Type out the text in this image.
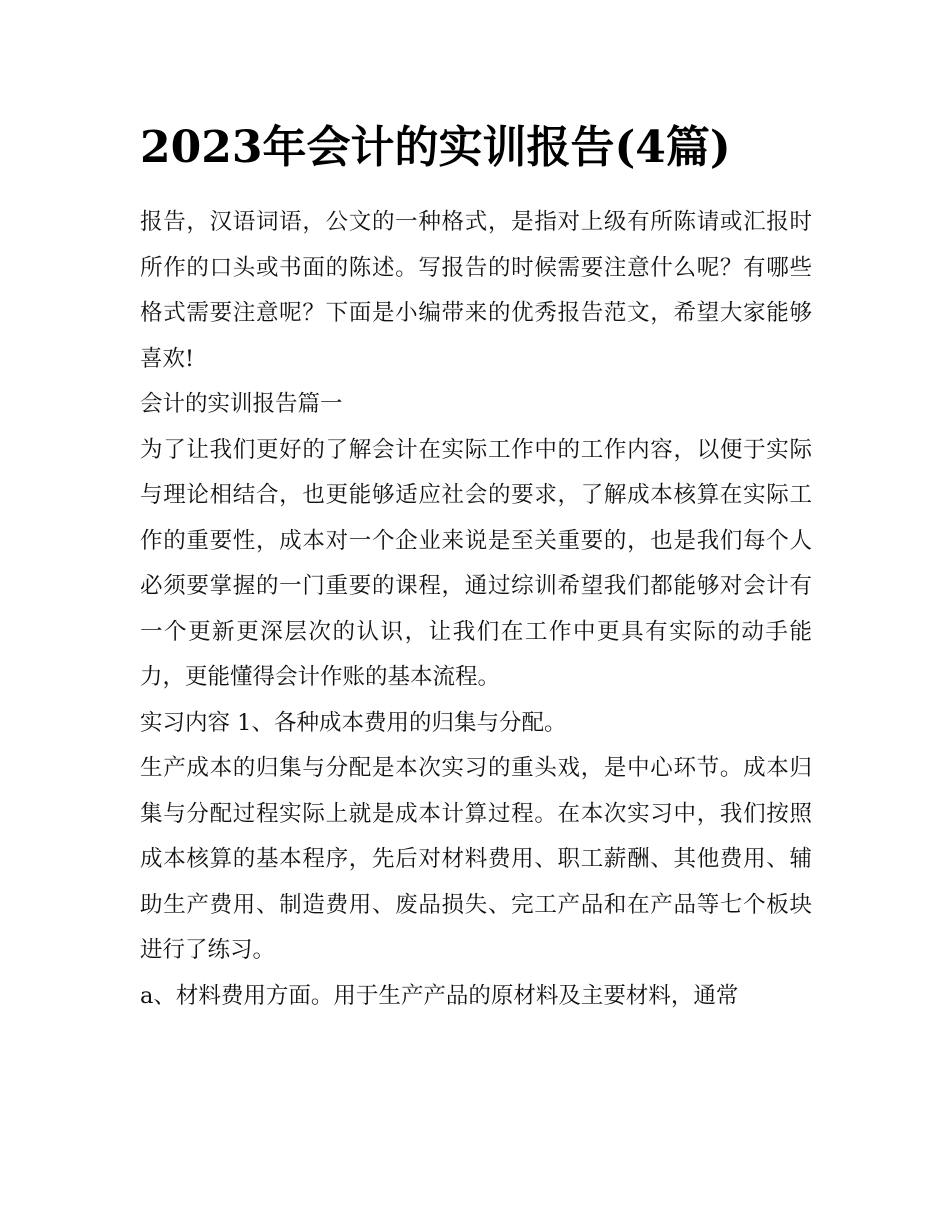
2023年会计的实训报告(4篇)

报告，汉语词语，公文的一种格式，是指对上级有所陈请或汇报时所作的口头或书面的陈述。写报告的时候需要注意什么呢？有哪些格式需要注意呢？下面是小编带来的优秀报告范文，希望大家能够喜欢!

会计的实训报告篇一

为了让我们更好的了解会计在实际工作中的工作内容，以便于实际与理论相结合，也更能够适应社会的要求，了解成本核算在实际工作的重要性，成本对一个企业来说是至关重要的，也是我们每个人必须要掌握的一门重要的课程，通过综训希望我们都能够对会计有一个更新更深层次的认识，让我们在工作中更具有实际的动手能力，更能懂得会计作账的基本流程。

实习内容 1、各种成本费用的归集与分配。

生产成本的归集与分配是本次实习的重头戏，是中心环节。成本归集与分配过程实际上就是成本计算过程。在本次实习中，我们按照成本核算的基本程序，先后对材料费用、职工薪酬、其他费用、辅助生产费用、制造费用、废品损失、完工产品和在产品等七个板块进行了练习。

a、材料费用方面。用于生产产品的原材料及主要材料，通常
